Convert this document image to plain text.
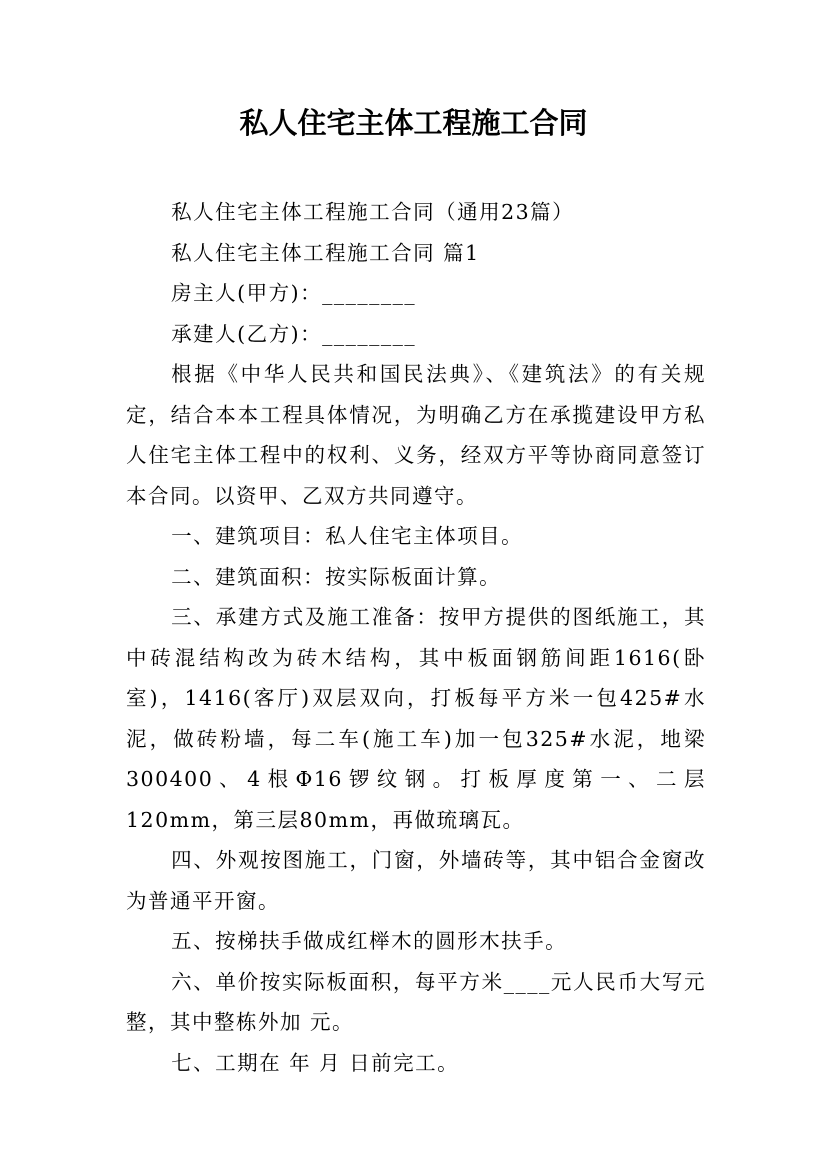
私人住宅主体工程施工合同

私人住宅主体工程施工合同（通用23篇）

私人住宅主体工程施工合同 篇1

房主人(甲方)：________

承建人(乙方)：________

根据《中华人民共和国民法典》、《建筑法》的有关规定，结合本本工程具体情况，为明确乙方在承揽建设甲方私人住宅主体工程中的权利、义务，经双方平等协商同意签订本合同。以资甲、乙双方共同遵守。

一、建筑项目：私人住宅主体项目。

二、建筑面积：按实际板面计算。

三、承建方式及施工准备：按甲方提供的图纸施工，其中砖混结构改为砖木结构，其中板面钢筋间距1616(卧室)，1416(客厅)双层双向，打板每平方米一包425#水泥，做砖粉墙，每二车(施工车)加一包325#水泥，地梁300400、4根Φ16锣纹钢。打板厚度第一、二层120mm，第三层80mm，再做琉璃瓦。

四、外观按图施工，门窗，外墙砖等，其中铝合金窗改为普通平开窗。

五、按梯扶手做成红榉木的圆形木扶手。

六、单价按实际板面积，每平方米____元人民币大写元整，其中整栋外加 元。

七、工期在 年 月 日前完工。
